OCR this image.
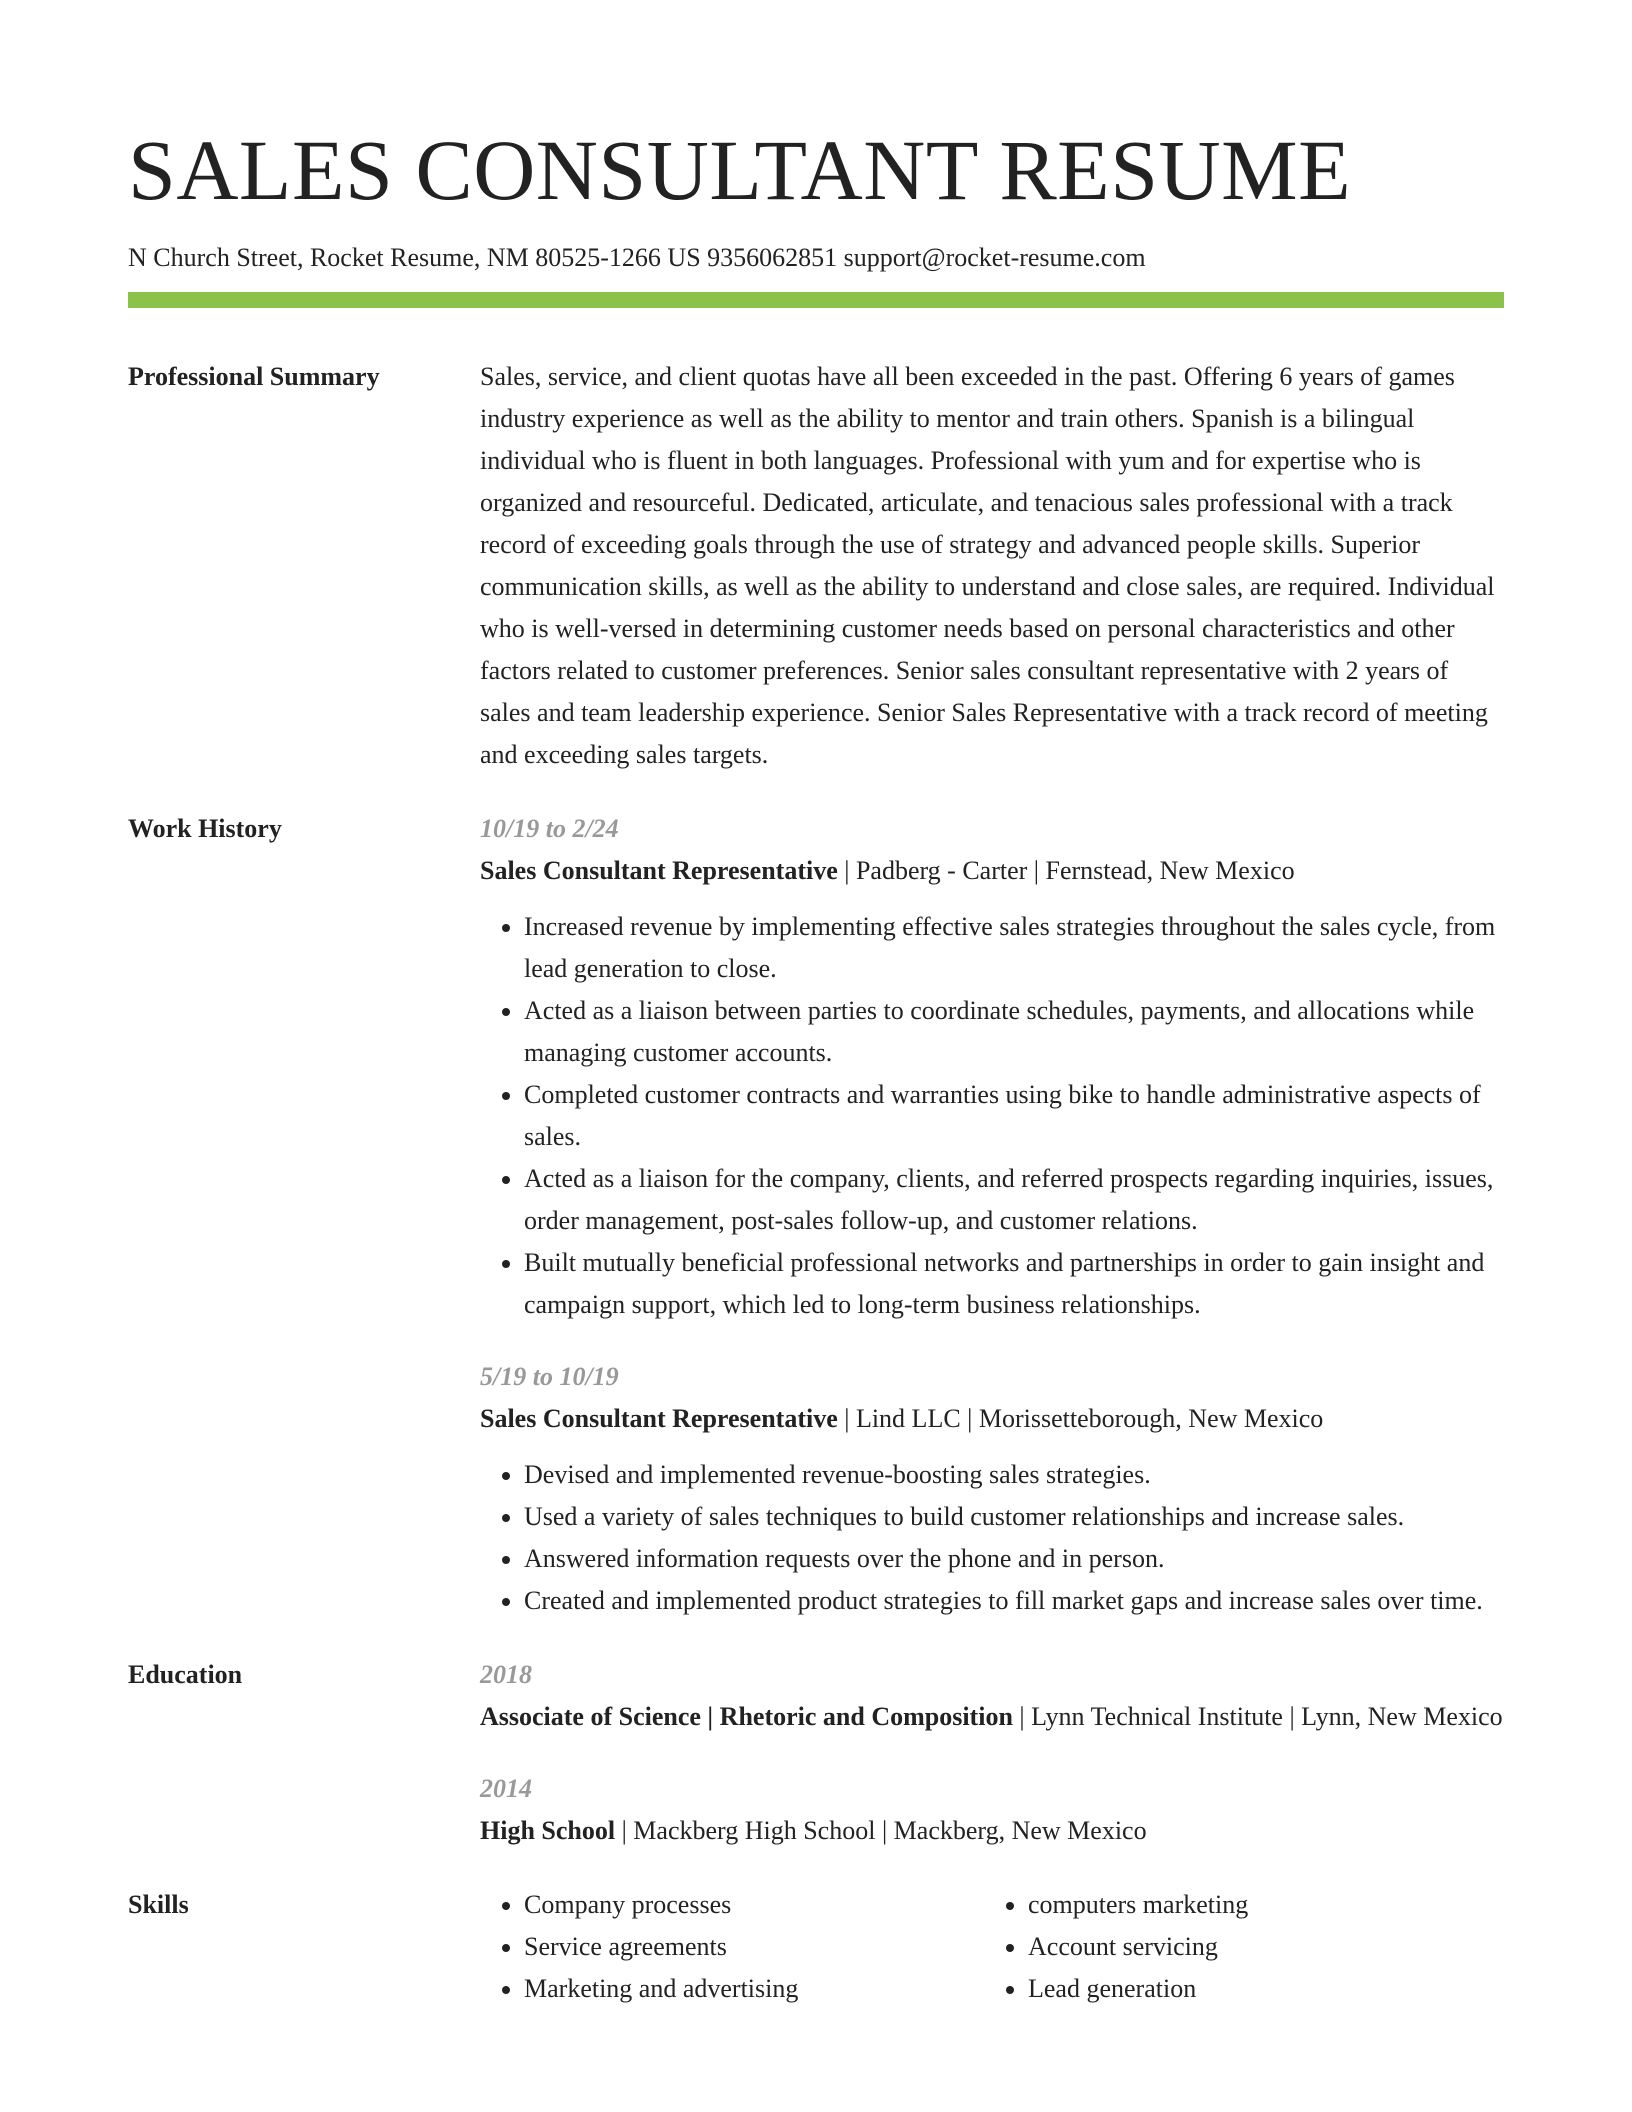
SALES CONSULTANT RESUME
N Church Street, Rocket Resume, NM 80525-1266 US 9356062851 support@rocket-resume.com
Professional Summary	Sales, service, and client quotas have all been exceeded in the past. Offering 6 years of games industry experience as well as the ability to mentor and train others. Spanish is a bilingual individual who is fluent in both languages. Professional with yum and for expertise who is organized and resourceful. Dedicated, articulate, and tenacious sales professional with a track record of exceeding goals through the use of strategy and advanced people skills. Superior communication skills, as well as the ability to understand and close sales, are required. Individual who is well-versed in determining customer needs based on personal characteristics and other factors related to customer preferences. Senior sales consultant representative with 2 years of sales and team leadership experience. Senior Sales Representative with a track record of meeting and exceeding sales targets.
Work History	10/19 to 2/24
Sales Consultant Representative | Padberg - Carter | Fernstead, New Mexico
• Increased revenue by implementing effective sales strategies throughout the sales cycle, from lead generation to close.
• Acted as a liaison between parties to coordinate schedules, payments, and allocations while managing customer accounts.
• Completed customer contracts and warranties using bike to handle administrative aspects of sales.
• Acted as a liaison for the company, clients, and referred prospects regarding inquiries, issues, order management, post-sales follow-up, and customer relations.
• Built mutually beneficial professional networks and partnerships in order to gain insight and campaign support, which led to long-term business relationships.
5/19 to 10/19
Sales Consultant Representative | Lind LLC | Morissetteborough, New Mexico
• Devised and implemented revenue-boosting sales strategies.
• Used a variety of sales techniques to build customer relationships and increase sales.
• Answered information requests over the phone and in person.
• Created and implemented product strategies to fill market gaps and increase sales over time.
Education	2018
Associate of Science | Rhetoric and Composition | Lynn Technical Institute | Lynn, New Mexico
2014
High School | Mackberg High School | Mackberg, New Mexico
Skills
•	Company processes
• Service agreements
• Marketing and advertising
• computers marketing
• Account servicing
• Lead generation
